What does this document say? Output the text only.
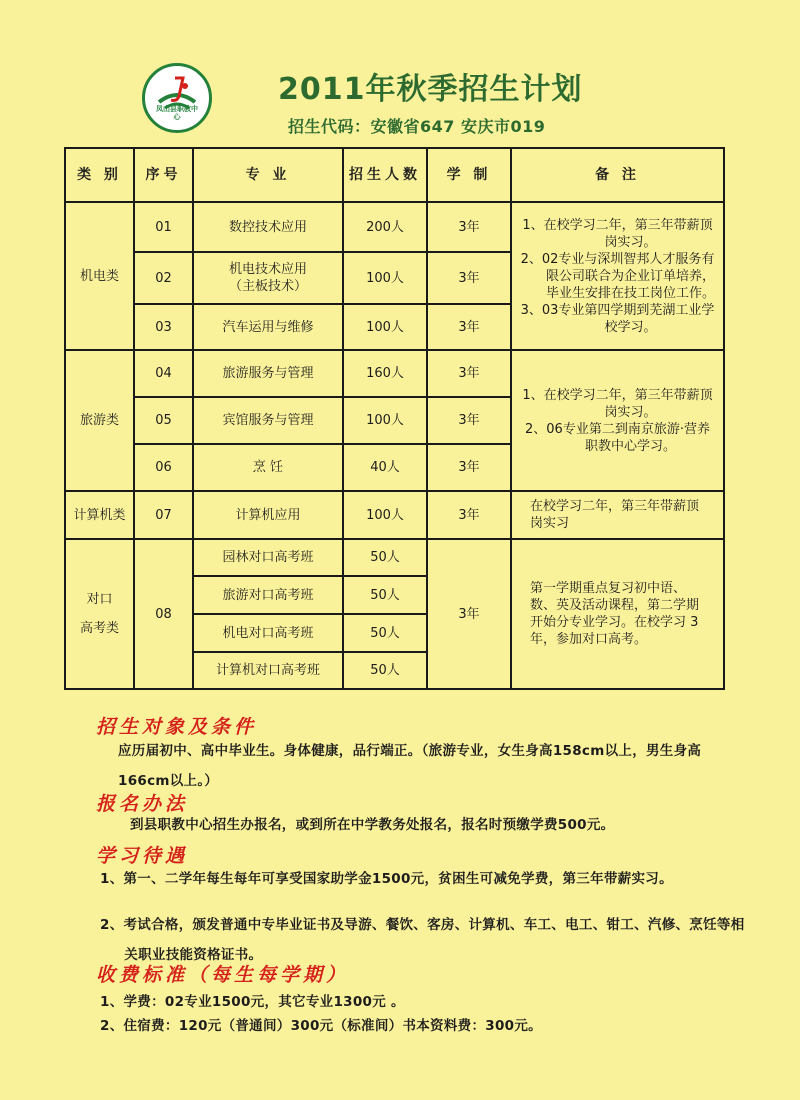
凤山县职教中心
2011年秋季招生计划
招生代码：安徽省647 安庆市019
类 别	序号	专 业	招生人数	学 制	备 注
机电类	01	数控技术应用	200人	3年	1、在校学习二年，第三年带薪顶岗实习。

2、02专业与深圳智邦人才服务有限公司联合为企业订单培养，毕业生安排在技工岗位工作。

3、03专业第四学期到芜湖工业学校学习。

	02	机电技术应用
（主板技术）	100人	3年	
	03	汽车运用与维修	100人	3年	
旅游类	04	旅游服务与管理	160人	3年	1、在校学习二年，第三年带薪顶岗实习。

2、06专业第二到南京旅游·营养职教中心学习。

	05	宾馆服务与管理	100人	3年	
	06	烹 饪	40人	3年	
计算机类	07	计算机应用	100人	3年	在校学习二年，第三年带薪顶岗实习

对口
高考类	08	园林对口高考班	50人	3年	第一学期重点复习初中语、数、英及活动课程，第二学期开始分专业学习。在校学习 3 年，参加对口高考。
		旅游对口高考班	50人		
		机电对口高考班	50人		
		计算机对口高考班	50人		
招生对象及条件

应历届初中、高中毕业生。身体健康，品行端正。（旅游专业，女生身高158cm以上，男生身高166cm以上。）

报名办法

到县职教中心招生办报名，或到所在中学教务处报名，报名时预缴学费500元。

学习待遇

1、第一、二学年每生每年可享受国家助学金1500元，贫困生可减免学费，第三年带薪实习。

2、考试合格，颁发普通中专毕业证书及导游、餐饮、客房、计算机、车工、电工、钳工、汽修、烹饪等相关职业技能资格证书。

收费标准（每生每学期）

1、学费：02专业1500元，其它专业1300元 。

2、住宿费：120元（普通间）300元（标准间）书本资料费：300元。
